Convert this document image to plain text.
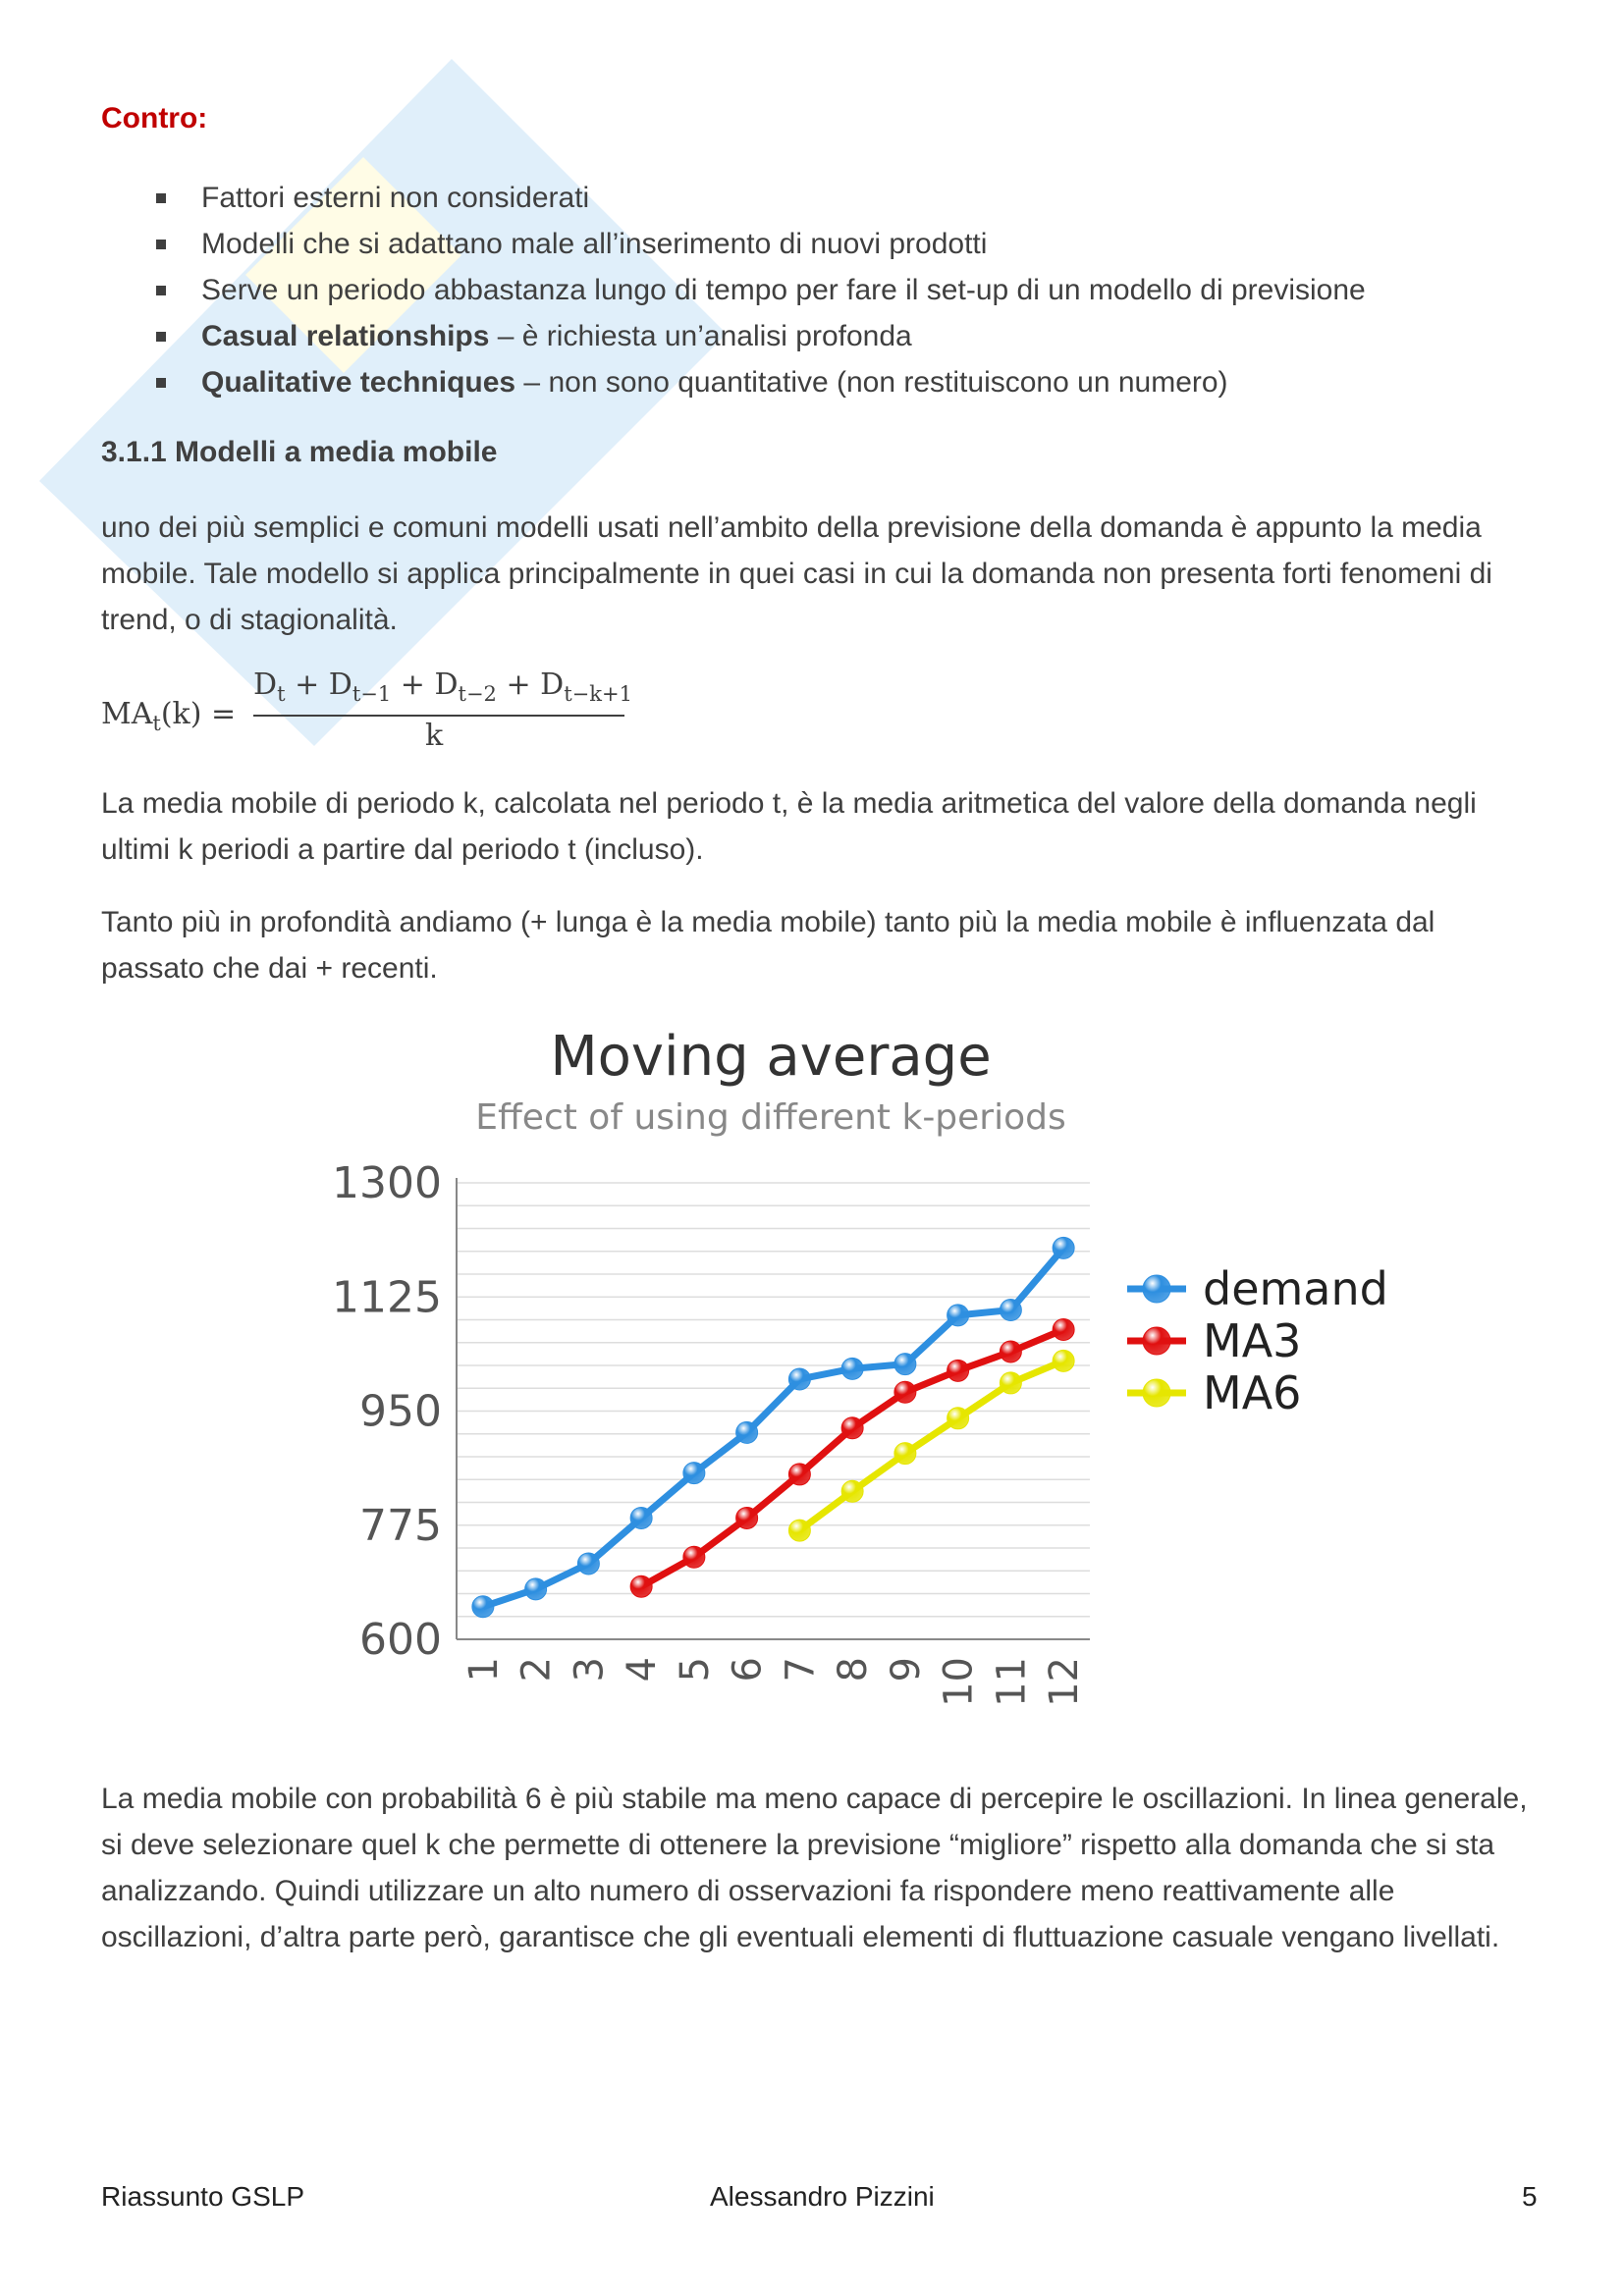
Contro:
Fattori esterni non considerati
Modelli che si adattano male all’inserimento di nuovi prodotti
Serve un periodo abbastanza lungo di tempo per fare il set-up di un modello di previsione
Casual relationships – è richiesta un’analisi profonda
Qualitative techniques – non sono quantitative (non restituiscono un numero)
3.1.1 Modelli a media mobile

uno dei più semplici e comuni modelli usati nell’ambito della previsione della domanda è appunto la media mobile. Tale modello si applica principalmente in quei casi in cui la domanda non presenta forti fenomeni di trend, o di stagionalità.

$MA_t(k)$ =
$D_t + D_{t-1} + D_{t-2} + D_{t-k+1}$
k

La media mobile di periodo k, calcolata nel periodo t, è la media aritmetica del valore della domanda negli ultimi k periodi a partire dal periodo t (incluso).

Tanto più in profondità andiamo (+ lunga è la media mobile) tanto più la media mobile è influenzata dal passato che dai + recenti.

La media mobile con probabilità 6 è più stabile ma meno capace di percepire le oscillazioni. In linea generale, si deve selezionare quel k che permette di ottenere la previsione “migliore” rispetto alla domanda che si sta analizzando. Quindi utilizzare un alto numero di osservazioni fa rispondere meno reattivamente alle oscillazioni, d’altra parte però, garantisce che gli eventuali elementi di fluttuazione casuale vengano livellati.

Riassunto GSLP	Alessandro Pizzini	5
Moving average
Effect of using different k-periods
600
775
950
1125
1300
1 2 3 4 5 6 7 8 9 10 11 12
demand
MA3
MA6
